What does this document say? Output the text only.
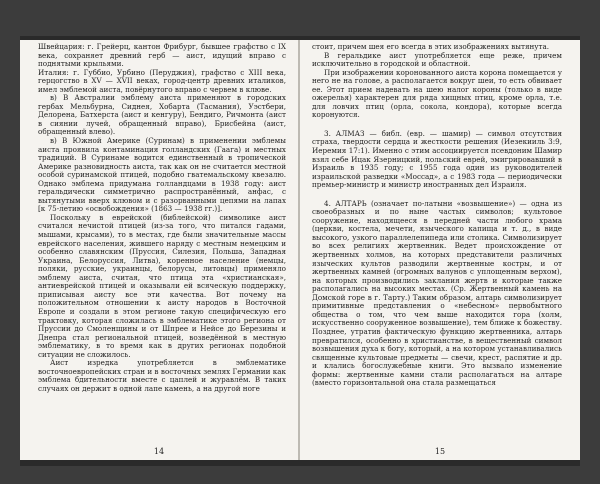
Швейцария: г. Грейерц, кантон Фрибург, бывшее графство с IX века, сохраняет древний герб — аист, идущий вправо с поднятыми крыльями.

Италия: г. Губбио, Урбино (Перуджия), графство с XIII века, герцогство в XV — XVII веках, город-центр древних италиков, имел эмблемой аиста, повёрнутого вправо с червем в клюве.

в) В Австралии эмблему аиста применяют в городских гербах Мельбурна, Сиднея, Хобарта (Тасмания), Уэстбери, Делорена, Батхерста (аист и кенгуру), Бендиго, Ричмонта (аист в сиянии лучей, обращенный вправо), Брисбейна (аист, обращенный влево).

в) В Южной Америке (Суринам) в применении эмблемы аиста проявила контаминация голландских (Гаага) и местных традиций. В Суринаме водится единственный в тропической Америке разновидность аиста, так как он не считается местной особой суринамской птицей, подобно гватемальскому квезалю. Однако эмблема придумана голландцами в 1938 году: аист геральдически симметрично распространённый, анфас, с вытянутыми вверх клювом и с разорванными цепями на лапах [к 75-летию «освобождения» (1863 — 1938 гг.)].

Поскольку в еврейской (библейской) символике аист считался нечистой птицей (из-за того, что питался гадами, мышами, крысами), то в местах, где были значительные массы еврейского населения, жившего наряду с местным немецким и особенно славянским (Пруссия, Силезия, Польша, Западная Украина, Белоруссия, Литва), коренное население (немцы, поляки, русские, украинцы, белорусы, литовцы) применяло эмблему аиста, считая, что птица эта «христианская», антиеврейской птицей и оказывали ей всяческую поддержку, приписывая аисту все эти качества. Вот почему на положительном отношении к аисту народов в Восточной Европе и создали в этом регионе такую специфическую его трактовку, которая сложилась в эмблематике этого региона от Пруссии до Смоленщины и от Шпрее и Нейсе до Березины и Днепра стал региональной птицей, возведённой в местную эмблематику, в то время как в других регионах подобной ситуации не сложилось.

Аист изредка употребляется в эмблематике восточноевропейских стран и в восточных землях Германии как эмблема бдительности вместе с цаплей и журавлём. В таких случаях он держит в одной лапе камень, а на другой ноге

14

стоит, причем шея его всегда в этих изображениях вытянута.

В геральдике аист употребляется еще реже, причем исключительно в городской и областной.

При изображении коронованного аиста корона помещается у него не на голове, а располагается вокруг шеи, то есть обвивает ее. Этот прием надевать на шею налог короны (только в виде ожерелья) характерен для ряда хищных птиц, кроме орла, т.е. для ловчих птиц (орла, сокола, кондора), которые всегда коронуются.

3. АЛМАЗ — библ. (евр. — шамир) — символ отсутствия страха, твердости сердца и жесткости решения (Иезекииль 3:9, Иеремия 17:1). Именно с этим ассоциируется псевдоним Шамир взял себе Ицак Язерницкий, польский еврей, эмигрировавший в Израиль в 1935 году; с 1955 года один из руководителей израильской разведки «Моссад», а с 1983 года — периодически премьер-министр и министр иностранных дел Израиля.

4. АЛТАРЬ (означает по-латыни «возвышение») — одна из своеобразных и по ныне частых символов; культовое сооружение, находящееся в передней части любого храма (церкви, костела, мечети, языческого капища и т. д., в виде высокого, узкого параллелепипеда или столика. Символизирует во всех религиях жертвенник. Ведет происхождение от жертвенных холмов, на которых представители различных языческих культов разводили жертвенные костры, и от жертвенных камней (огромных валунов с уплощенным верхом), на которых производились заклания жертв и которые также располагались на высоких местах. (Ср. Жертвенный камень на Домской горе в г. Тарту.) Таким образом, алтарь символизирует примитивные представления о «небесном» первобытного общества о том, что чем выше находится гора (холм, искусственно сооруженное возвышение), тем ближе к божеству. Позднее, утратив фактическую функцию жертвенника, алтарь превратился, особенно в христианстве, в вещественный символ возвышения духа к богу, который, а на котором устанавливались священные культовые предметы — свечи, крест, распятие и др. и клались богослужебные книги. Это вызвало изменение формы: жертвенные камни стали располагаться на алтаре (вместо горизонтальной она стала размещаться

15
